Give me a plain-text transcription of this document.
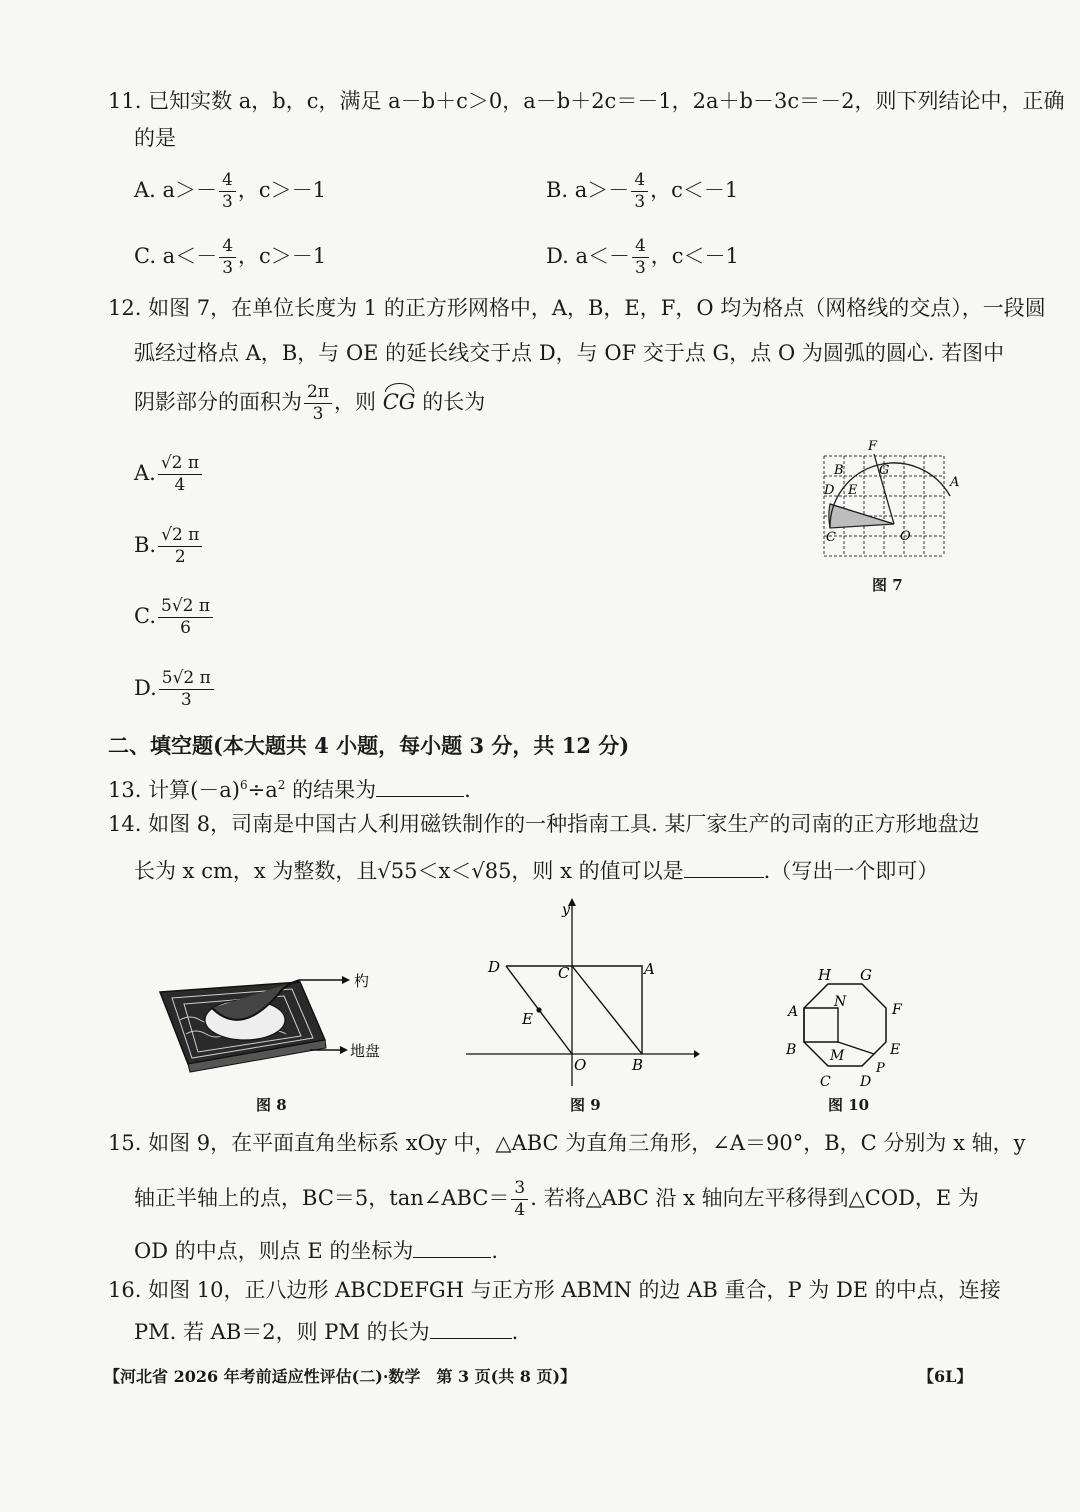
11. 已知实数 a，b，c，满足 a－b＋c＞0，a－b＋2c＝－1，2a＋b－3c＝－2，则下列结论中，正确
的是
A. $a>- \frac{4}{3}$ ，c＞－1	B. $a>- \frac{4}{3}$ ，c＜－1
C. $a<- \frac{4}{3}$ ，c＞－1	D. $a<- \frac{4}{3}$ ，c＜－1
12. 如图 7，在单位长度为 1 的正方形网格中，A，B，E，F，O 均为格点（网格线的交点），一段圆
弧经过格点 A，B，与 OE 的延长线交于点 D，与 OF 交于点 G，点 O 为圆弧的圆心. 若图中
阴影部分的面积为 $\frac{2\pi}{3}$ ，则 CG 的长为
A. $\frac{√2 \pi}{4}$
B. $\frac{√2 \pi}{2}$
C. $\frac{5√2 \pi}{6}$
D. $\frac{5√2 \pi}{3}$
F
B	G
D E
A
C	O
图 7
二、填空题(本大题共 4 小题，每小题 3 分，共 12 分)
13. 计算$(-a)^6\div a^2$ 的结果为	.
14. 如图 8，司南是中国古人利用磁铁制作的一种指南工具. 某厂家生产的司南的正方形地盘边
长为 x cm，x 为整数，且√55＜x＜√85，则 x 的值可以是	.（写出一个即可）
杓
地盘
图 8
y
D	C	A
E
O	B
图 9
H G
A
N	F
B M	E
P
C D
图 10
15. 如图 9，在平面直角坐标系 xOy 中，△ABC 为直角三角形，∠A＝90°，B，C 分别为 x 轴，y
轴正半轴上的点，BC＝5，tan∠ABC＝ $\frac{3}{4}$ . 若将△ABC 沿 x 轴向左平移得到△COD，E 为
OD 的中点，则点 E 的坐标为	.
16. 如图 10，正八边形 ABCDEFGH 与正方形 ABMN 的边 AB 重合，P 为 DE 的中点，连接
PM. 若 AB＝2，则 PM 的长为	.
【河北省 2026 年考前适应性评估(二)·数学　第 3 页(共 8 页)】	【6L】
